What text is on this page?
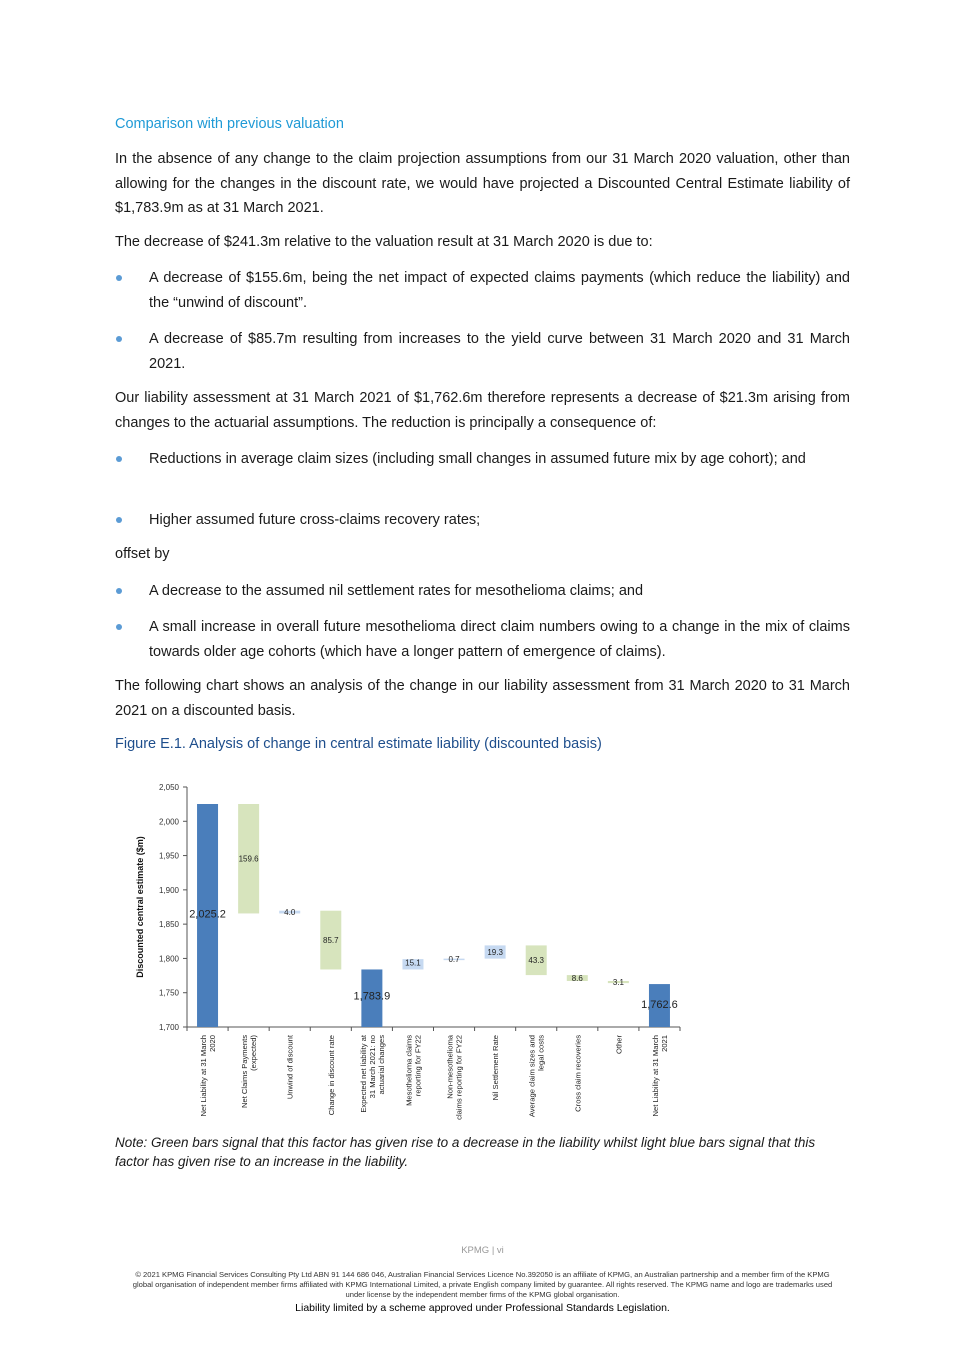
Comparison with previous valuation
In the absence of any change to the claim projection assumptions from our 31 March 2020 valuation, other than allowing for the changes in the discount rate, we would have projected a Discounted Central Estimate liability of $1,783.9m as at 31 March 2021.
The decrease of $241.3m relative to the valuation result at 31 March 2020 is due to:
A decrease of $155.6m, being the net impact of expected claims payments (which reduce the liability) and the “unwind of discount”.
A decrease of $85.7m resulting from increases to the yield curve between 31 March 2020 and 31 March 2021.
Our liability assessment at 31 March 2021 of $1,762.6m therefore represents a decrease of $21.3m arising from changes to the actuarial assumptions. The reduction is principally a consequence of:
Reductions in average claim sizes (including small changes in assumed future mix by age cohort); and
Higher assumed future cross-claims recovery rates;
offset by
A decrease to the assumed nil settlement rates for mesothelioma claims; and
A small increase in overall future mesothelioma direct claim numbers owing to a change in the mix of claims towards older age cohorts (which have a longer pattern of emergence of claims).
The following chart shows an analysis of the change in our liability assessment from 31 March 2020 to 31 March 2021 on a discounted basis.
Figure E.1. Analysis of change in central estimate liability (discounted basis)
Note: Green bars signal that this factor has given rise to a decrease in the liability whilst light blue bars signal that this factor has given rise to an increase in the liability.
1,700
1,750
1,800
1,850
1,900
1,950
2,000
2,050
Discounted central estimate ($m)	2,025.2
159.6
4.0
85.7
1,783.9
15.1	0.7
19.3
43.3
8.6	3.1
1,762.6
Net Liability at 31 March 2020	Net Claims Payments (expected)	Unwind of discount	Change in discount rate	Expected net liability at 31 March 2021: no actuarial changes Mesothelioma claims reporting for FY22	Non-mesothelioma claims reporting for FY22	Nil Settlement Rate	Average claim sizes and legal costs	Cross claim recoveries	Other	Net Liability at 31 March 2021
KPMG | vi
© 2021 KPMG Financial Services Consulting Pty Ltd ABN 91 144 686 046, Australian Financial Services Licence No.392050 is an affiliate of KPMG, an Australian partnership and a member firm of the KPMG global organisation of independent member firms affiliated with KPMG International Limited, a private English company limited by guarantee. All rights reserved. The KPMG name and logo are trademarks used under license by the independent member firms of the KPMG global organisation.
Liability limited by a scheme approved under Professional Standards Legislation.
